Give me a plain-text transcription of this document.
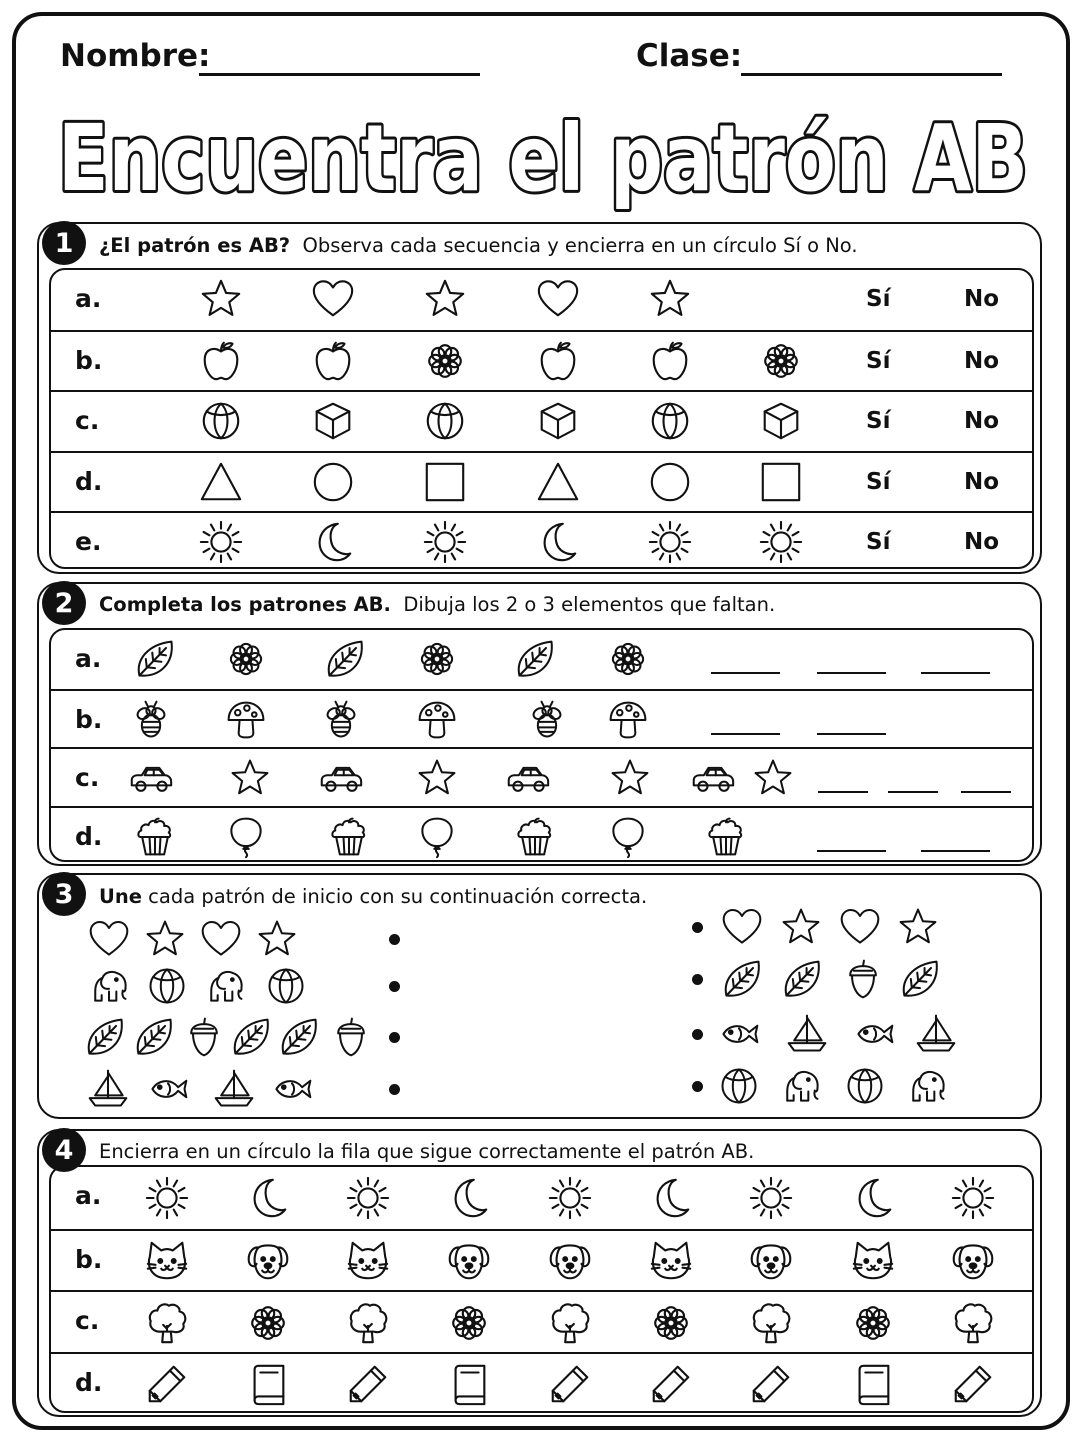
Nombre:	Clase:
Encuentra el patrón AB
1	¿El patrón es AB? Observa cada secuencia y encierra en un círculo Sí o No.
a.	Sí	No
b.	Sí	No
c.	Sí	No
d.	Sí	No
e.	Sí	No
2	Completa los patrones AB. Dibuja los 2 o 3 elementos que faltan.
a.
b.
c.
d.
3	Une cada patrón de inicio con su continuación correcta.
4	Encierra en un círculo la fila que sigue correctamente el patrón AB.
a.
b.
c.
d.
